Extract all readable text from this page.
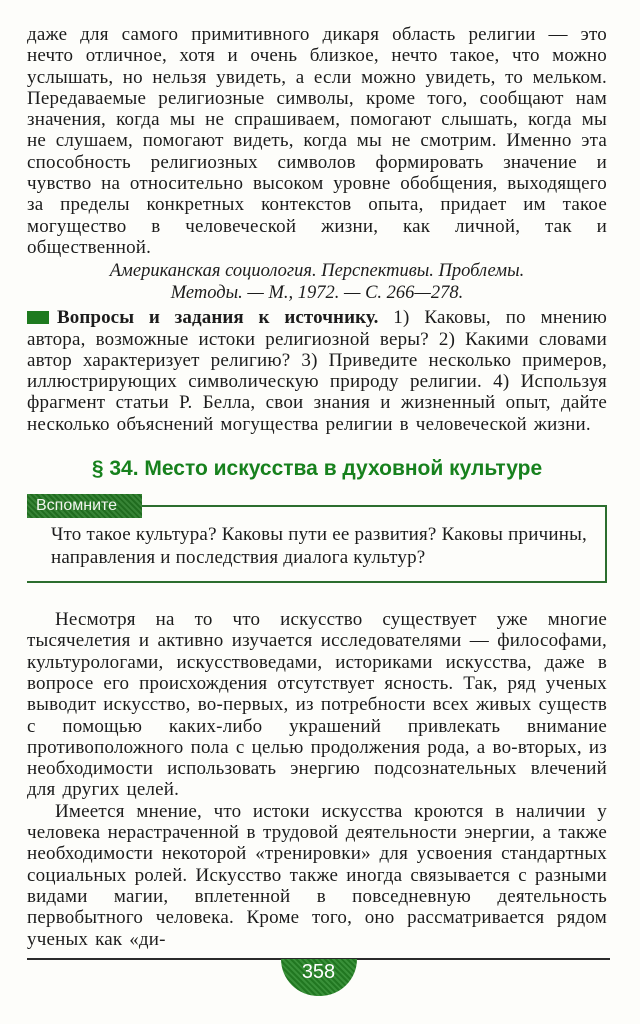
даже для самого примитивного дикаря область религии — это нечто отличное, хотя и очень близкое, нечто такое, что можно услышать, но нельзя увидеть, а если можно увидеть, то мельком. Передаваемые религиозные символы, кроме того, сообщают нам значения, когда мы не спрашиваем, помогают слышать, когда мы не слушаем, помогают видеть, когда мы не смотрим. Именно эта способность религиозных символов формировать значение и чувство на относительно высоком уровне обобщения, выходящего за пределы конкретных контекстов опыта, придает им такое могущество в человеческой жизни, как личной, так и общественной.

Американская социология. Перспективы. Проблемы.
Методы. — М., 1972. — С. 266—278.

Вопросы и задания к источнику. 1) Каковы, по мнению автора, возможные истоки религиозной веры? 2) Какими словами автор характеризует религию? 3) Приведите несколько примеров, иллюстрирующих символическую природу религии. 4) Используя фрагмент статьи Р. Белла, свои знания и жизненный опыт, дайте несколько объяснений могущества религии в человеческой жизни.

§ 34. Место искусства в духовной культуре
Вспомните

Что такое культура? Каковы пути ее развития? Каковы причины, направления и последствия диалога культур?

Несмотря на то что искусство существует уже многие тысячелетия и активно изучается исследователями — философами, культурологами, искусствоведами, историками искусства, даже в вопросе его происхождения отсутствует ясность. Так, ряд ученых выводит искусство, во-первых, из потребности всех живых существ с помощью каких-либо украшений привлекать внимание противоположного пола с целью продолжения рода, а во-вторых, из необходимости использовать энергию подсознательных влечений для других целей.

Имеется мнение, что истоки искусства кроются в наличии у человека нерастраченной в трудовой деятельности энергии, а также необходимости некоторой «тренировки» для усвоения стандартных социальных ролей. Искусство также иногда связывается с разными видами магии, вплетенной в повседневную деятельность первобытного человека. Кроме того, оно рассматривается рядом ученых как «ди-

358
